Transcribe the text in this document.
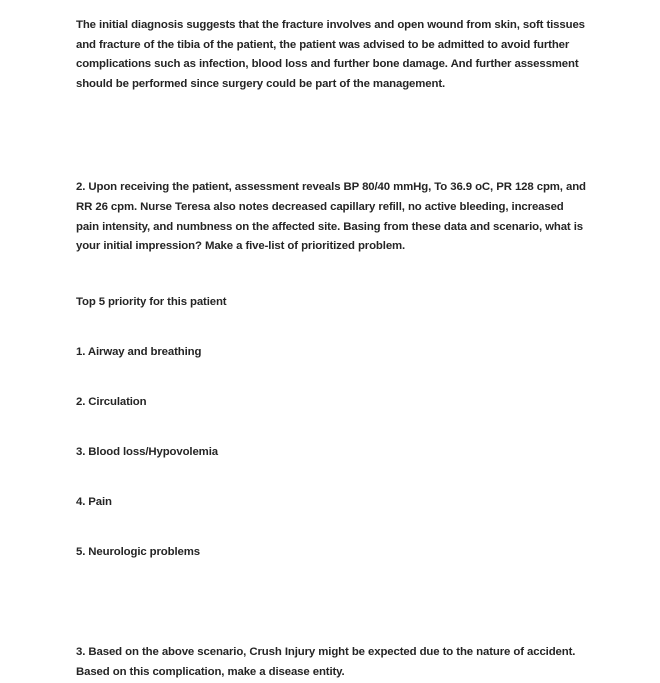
The initial diagnosis suggests that the fracture involves and open wound from skin, soft tissues and fracture of the tibia of the patient, the patient was advised to be admitted to avoid further complications such as infection, blood loss and further bone damage. And further assessment should be performed since surgery could be part of the management.

2. Upon receiving the patient, assessment reveals BP 80/40 mmHg, To 36.9 oC, PR 128 cpm, and RR 26 cpm. Nurse Teresa also notes decreased capillary refill, no active bleeding, increased pain intensity, and numbness on the affected site. Basing from these data and scenario, what is your initial impression? Make a five-list of prioritized problem.

Top 5 priority for this patient

1. Airway and breathing
2. Circulation
3. Blood loss/Hypovolemia
4. Pain
5. Neurologic problems

3. Based on the above scenario, Crush Injury might be expected due to the nature of accident. Based on this complication, make a disease entity.
